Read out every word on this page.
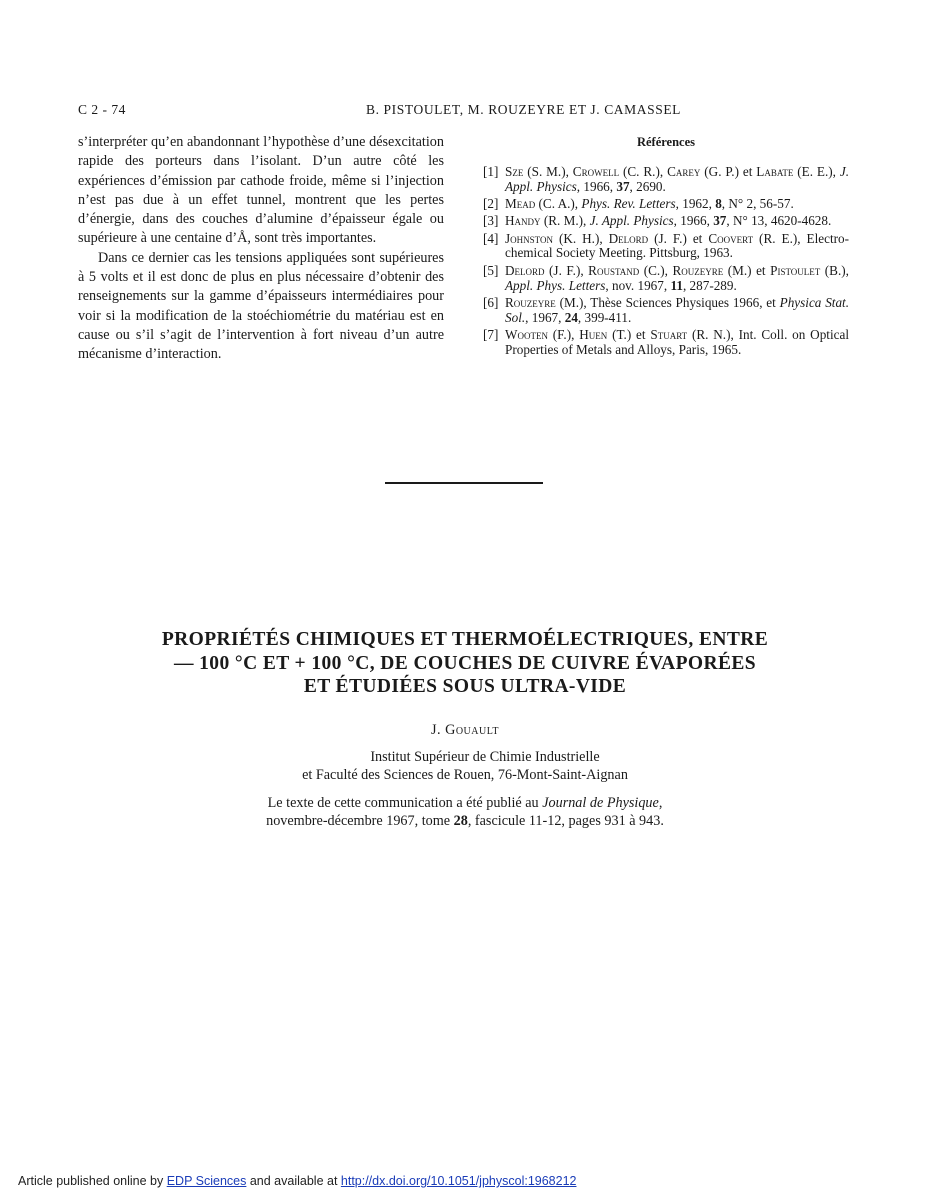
C 2 - 74	B. PISTOULET, M. ROUZEYRE ET J. CAMASSEL

s’interpréter qu’en abandonnant l’hypothèse d’une désexcitation rapide des porteurs dans l’isolant. D’un autre côté les expériences d’émission par cathode froide, même si l’injection n’est pas due à un effet tunnel, montrent que les pertes d’énergie, dans des couches d’alumine d’épaisseur égale ou supérieure à une centaine d’Å, sont très importantes.

Dans ce dernier cas les tensions appliquées sont supérieures à 5 volts et il est donc de plus en plus nécessaire d’obtenir des renseignements sur la gamme d’épaisseurs intermédiaires pour voir si la modification de la stoéchiométrie du matériau est en cause ou s’il s’agit de l’intervention à fort niveau d’un autre mécanisme d’interaction.

Références
[1] Sze (S. M.), Crowell (C. R.), Carey (G. P.) et Labate (E. E.), J. Appl. Physics, 1966, 37, 2690.
[2] Mead (C. A.), Phys. Rev. Letters, 1962, 8, N° 2, 56-57.
[3] Handy (R. M.), J. Appl. Physics, 1966, 37, N° 13, 4620-4628.
[4] Johnston (K. H.), Delord (J. F.) et Coovert (R. E.), Electro-chemical Society Meeting. Pittsburg, 1963.
[5] Delord (J. F.), Roustand (C.), Rouzeyre (M.) et Pistoulet (B.), Appl. Phys. Letters, nov. 1967, 11, 287-289.
[6] Rouzeyre (M.), Thèse Sciences Physiques 1966, et Physica Stat. Sol., 1967, 24, 399-411.
[7] Wooten (F.), Huen (T.) et Stuart (R. N.), Int. Coll. on Optical Properties of Metals and Alloys, Paris, 1965.
PROPRIÉTÉS CHIMIQUES ET THERMOÉLECTRIQUES, ENTRE
— 100 °C ET + 100 °C, DE COUCHES DE CUIVRE ÉVAPORÉES
ET ÉTUDIÉES SOUS ULTRA-VIDE
J. Gouault
Institut Supérieur de Chimie Industrielle
et Faculté des Sciences de Rouen, 76-Mont-Saint-Aignan
Le texte de cette communication a été publié au Journal de Physique,
novembre-décembre 1967, tome 28, fascicule 11-12, pages 931 à 943.
Article published online by EDP Sciences and available at http://dx.doi.org/10.1051/jphyscol:1968212
